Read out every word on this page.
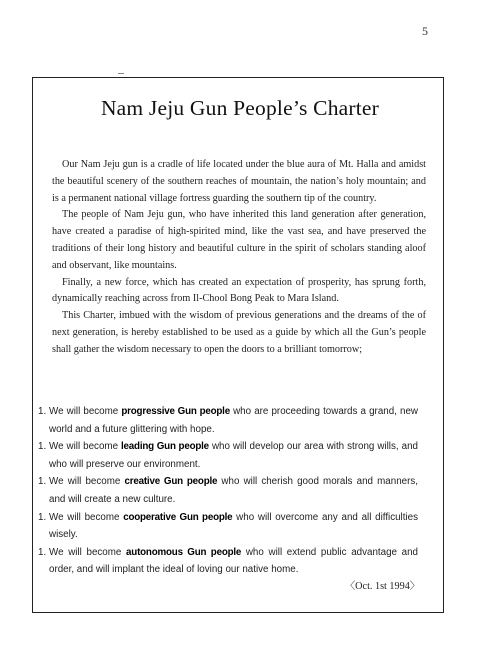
5
Nam Jeju Gun People’s Charter

Our Nam Jeju gun is a cradle of life located under the blue aura of Mt. Halla and amidst the beautiful scenery of the southern reaches of mountain, the nation’s holy mountain; and is a permanent national village fortress guarding the southern tip of the country.

The people of Nam Jeju gun, who have inherited this land generation after generation, have created a paradise of high-spirited mind, like the vast sea, and have preserved the traditions of their long history and beautiful culture in the spirit of scholars standing aloof and observant, like mountains.

Finally, a new force, which has created an expectation of prosperity, has sprung forth, dynamically reaching across from Il-Chool Bong Peak to Mara Island.

This Charter, imbued with the wisdom of previous generations and the dreams of the of next generation, is hereby established to be used as a guide by which all the Gun’s people shall gather the wisdom necessary to open the doors to a brilliant tomorrow;

1. We will become progressive Gun people who are proceeding towards a grand, new world and a future glittering with hope.
1. We will become leading Gun people who will develop our area with strong wills, and who will preserve our environment.
1. We will become creative Gun people who will cherish good morals and manners, and will create a new culture.
1. We will become cooperative Gun people who will overcome any and all difficulties wisely.
1. We will become autonomous Gun people who will extend public advantage and order, and will implant the ideal of loving our native home.
〈Oct. 1st 1994〉
